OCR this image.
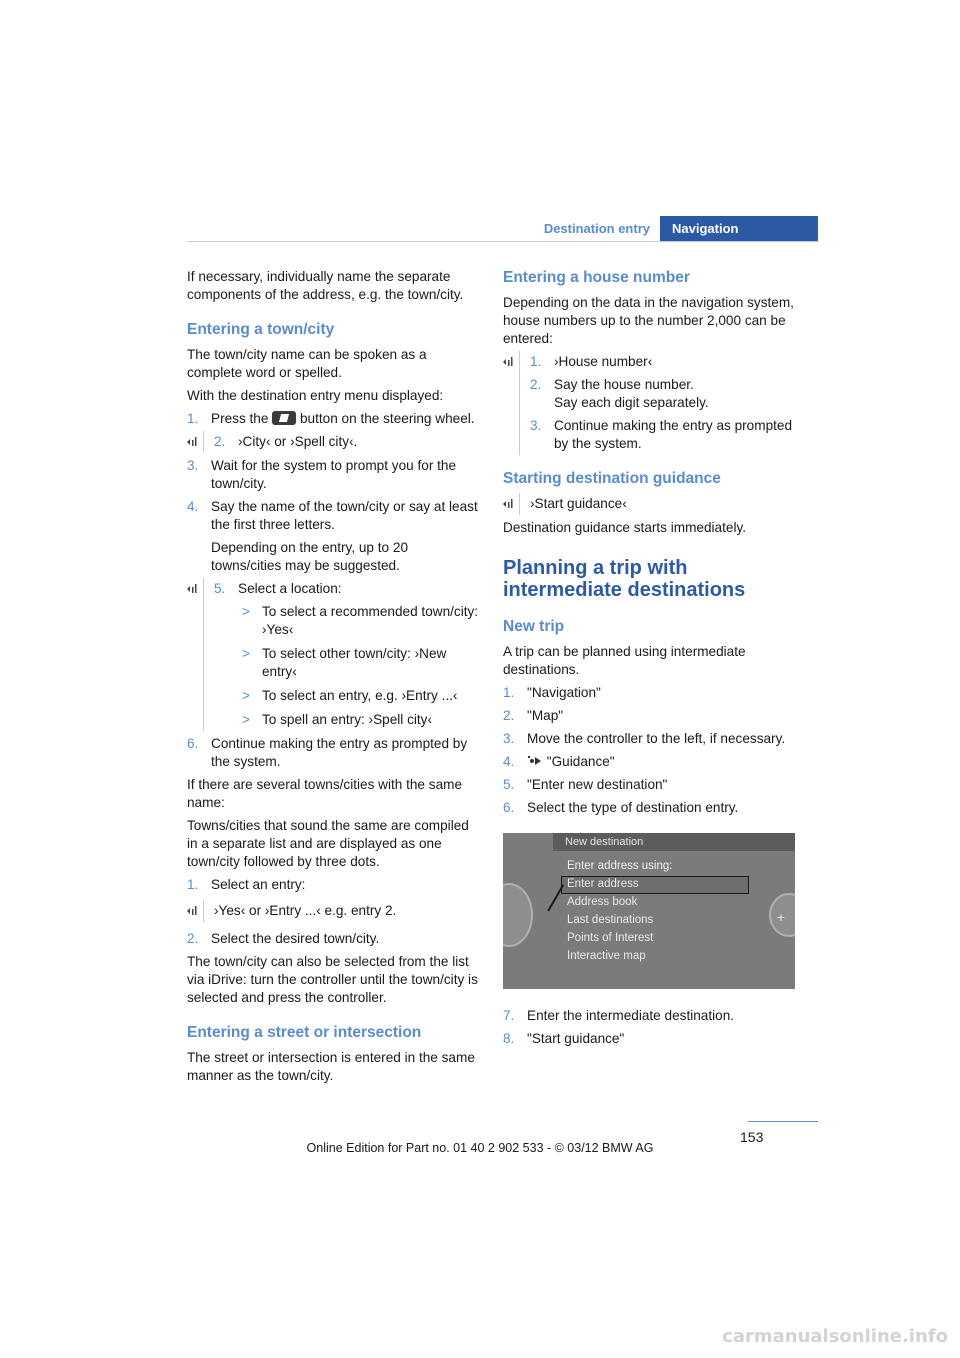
Destination entry	Navigation

If necessary, individually name the separate components of the address, e.g. the town/city.

Entering a town/city

The town/city name can be spoken as a complete word or spelled.

With the destination entry menu displayed:

1. Press the button on the steering wheel.
2. ›City‹ or ›Spell city‹.
3. Wait for the system to prompt you for the town/city.
4. Say the name of the town/city or say at least the first three letters.
Depending on the entry, up to 20 towns/cities may be suggested.
5. Select a location:
> To select a recommended town/city: ›Yes‹
> To select other town/city: ›New entry‹
> To select an entry, e.g. ›Entry ...‹
> To spell an entry: ›Spell city‹
6. Continue making the entry as prompted by the system.

If there are several towns/cities with the same name:

Towns/cities that sound the same are compiled in a separate list and are displayed as one town/city followed by three dots.

1. Select an entry:
›Yes‹ or ›Entry ...‹ e.g. entry 2.
2. Select the desired town/city.

The town/city can also be selected from the list via iDrive: turn the controller until the town/city is selected and press the controller.

Entering a street or intersection

The street or intersection is entered in the same manner as the town/city.

Entering a house number

Depending on the data in the navigation system, house numbers up to the number 2,000 can be entered:

1. ›House number‹
2. Say the house number.
Say each digit separately.
3. Continue making the entry as prompted by the system.
Starting destination guidance
›Start guidance‹

Destination guidance starts immediately.

Planning a trip with intermediate destinations
New trip

A trip can be planned using intermediate destinations.

1. "Navigation"
2. "Map"
3. Move the controller to the left, if necessary.
4. "Guidance"
5. "Enter new destination"
6. Select the type of destination entry.
New destination
+
Enter address using:
Enter address
Address book
Last destinations
Points of Interest
Interactive map
7. Enter the intermediate destination.
8. "Start guidance"
153
Online Edition for Part no. 01 40 2 902 533 - © 03/12 BMW AG
carmanualsonline.info
